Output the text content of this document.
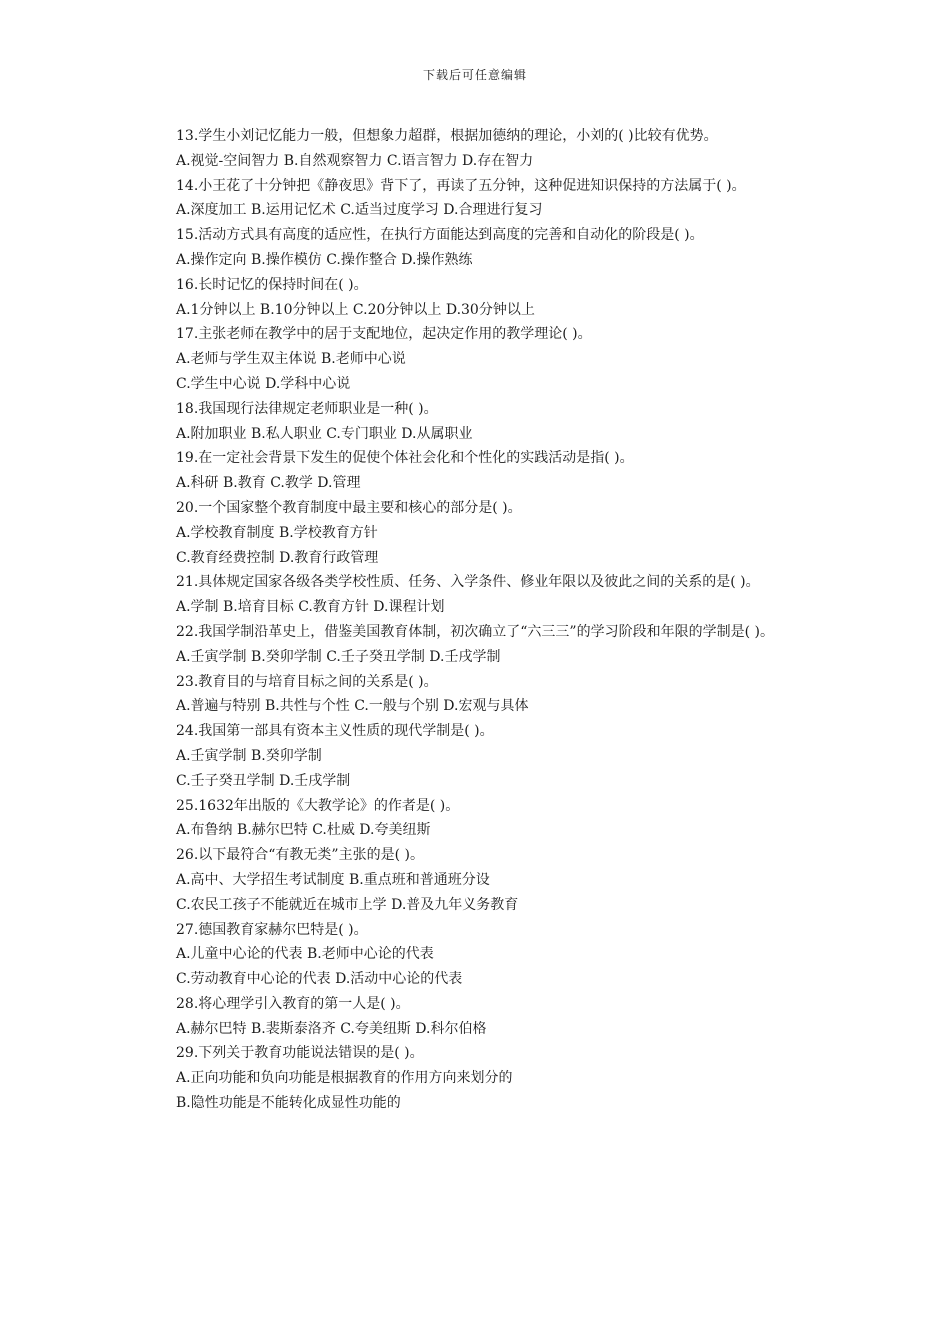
下载后可任意编辑

13.学生小刘记忆能力一般，但想象力超群，根据加德纳的理论，小刘的( )比较有优势。

A.视觉-空间智力 B.自然观察智力 C.语言智力 D.存在智力

14.小王花了十分钟把《静夜思》背下了，再读了五分钟，这种促进知识保持的方法属于( )。

A.深度加工 B.运用记忆术 C.适当过度学习 D.合理进行复习

15.活动方式具有高度的适应性，在执行方面能达到高度的完善和自动化的阶段是( )。

A.操作定向 B.操作模仿 C.操作整合 D.操作熟练

16.长时记忆的保持时间在( )。

A.1分钟以上 B.10分钟以上 C.20分钟以上 D.30分钟以上

17.主张老师在教学中的居于支配地位，起决定作用的教学理论( )。

A.老师与学生双主体说 B.老师中心说

C.学生中心说 D.学科中心说

18.我国现行法律规定老师职业是一种( )。

A.附加职业 B.私人职业 C.专门职业 D.从属职业

19.在一定社会背景下发生的促使个体社会化和个性化的实践活动是指( )。

A.科研 B.教育 C.教学 D.管理

20.一个国家整个教育制度中最主要和核心的部分是( )。

A.学校教育制度 B.学校教育方针

C.教育经费控制 D.教育行政管理

21.具体规定国家各级各类学校性质、任务、入学条件、修业年限以及彼此之间的关系的是( )。

A.学制 B.培育目标 C.教育方针 D.课程计划

22.我国学制沿革史上，借鉴美国教育体制，初次确立了“六三三”的学习阶段和年限的学制是( )。

A.壬寅学制 B.癸卯学制 C.壬子癸丑学制 D.壬戌学制

23.教育目的与培育目标之间的关系是( )。

A.普遍与特别 B.共性与个性 C.一般与个别 D.宏观与具体

24.我国第一部具有资本主义性质的现代学制是( )。

A.壬寅学制 B.癸卯学制

C.壬子癸丑学制 D.壬戌学制

25.1632年出版的《大教学论》的作者是( )。

A.布鲁纳 B.赫尔巴特 C.杜威 D.夸美纽斯

26.以下最符合“有教无类”主张的是( )。

A.高中、大学招生考试制度 B.重点班和普通班分设

C.农民工孩子不能就近在城市上学 D.普及九年义务教育

27.德国教育家赫尔巴特是( )。

A.儿童中心论的代表 B.老师中心论的代表

C.劳动教育中心论的代表 D.活动中心论的代表

28.将心理学引入教育的第一人是( )。

A.赫尔巴特 B.裴斯泰洛齐 C.夸美纽斯 D.科尔伯格

29.下列关于教育功能说法错误的是( )。

A.正向功能和负向功能是根据教育的作用方向来划分的

B.隐性功能是不能转化成显性功能的
